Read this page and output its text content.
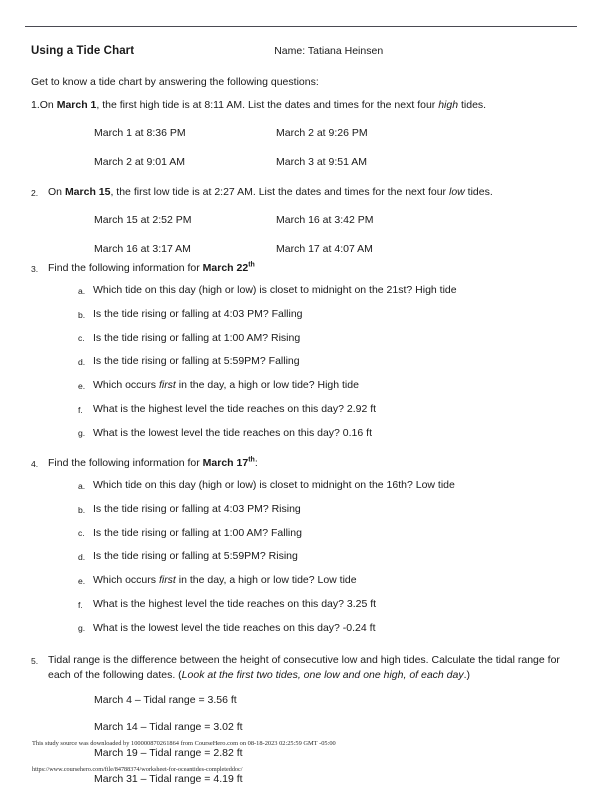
Using a Tide Chart	Name: Tatiana Heinsen
Get to know a tide chart by answering the following questions:
1.On March 1, the first high tide is at 8:11 AM. List the dates and times for the next four high tides.
March 1 at 8:36 PM	March 2 at 9:26 PM
March 2 at 9:01 AM	March 3 at 9:51 AM
2. On March 15, the first low tide is at 2:27 AM. List the dates and times for the next four low tides.
March 15 at 2:52 PM	March 16 at 3:42 PM
March 16 at 3:17 AM	March 17 at 4:07 AM
3. Find the following information for March 22th
a. Which tide on this day (high or low) is closet to midnight on the 21st? High tide
b. Is the tide rising or falling at 4:03 PM? Falling
c. Is the tide rising or falling at 1:00 AM? Rising
d. Is the tide rising or falling at 5:59PM? Falling
e. Which occurs first in the day, a high or low tide? High tide
f. What is the highest level the tide reaches on this day? 2.92 ft
g. What is the lowest level the tide reaches on this day? 0.16 ft
4. Find the following information for March 17th:
a. Which tide on this day (high or low) is closet to midnight on the 16th? Low tide
b. Is the tide rising or falling at 4:03 PM? Rising
c. Is the tide rising or falling at 1:00 AM? Falling
d. Is the tide rising or falling at 5:59PM? Rising
e. Which occurs first in the day, a high or low tide? Low tide
f. What is the highest level the tide reaches on this day? 3.25 ft
g. What is the lowest level the tide reaches on this day? -0.24 ft
5. Tidal range is the difference between the height of consecutive low and high tides. Calculate the tidal range for each of the following dates. (Look at the first two tides, one low and one high, of each day.)
March 4 – Tidal range = 3.56 ft
March 14 – Tidal range = 3.02 ft
March 19 – Tidal range = 2.82 ft
March 31 – Tidal range = 4.19 ft
This study source was downloaded by 100000870261864 from CourseHero.com on 08-18-2023 02:25:59 GMT -05:00
https://www.coursehero.com/file/84788374/worksheet-for-oceantides-completeddoc/
